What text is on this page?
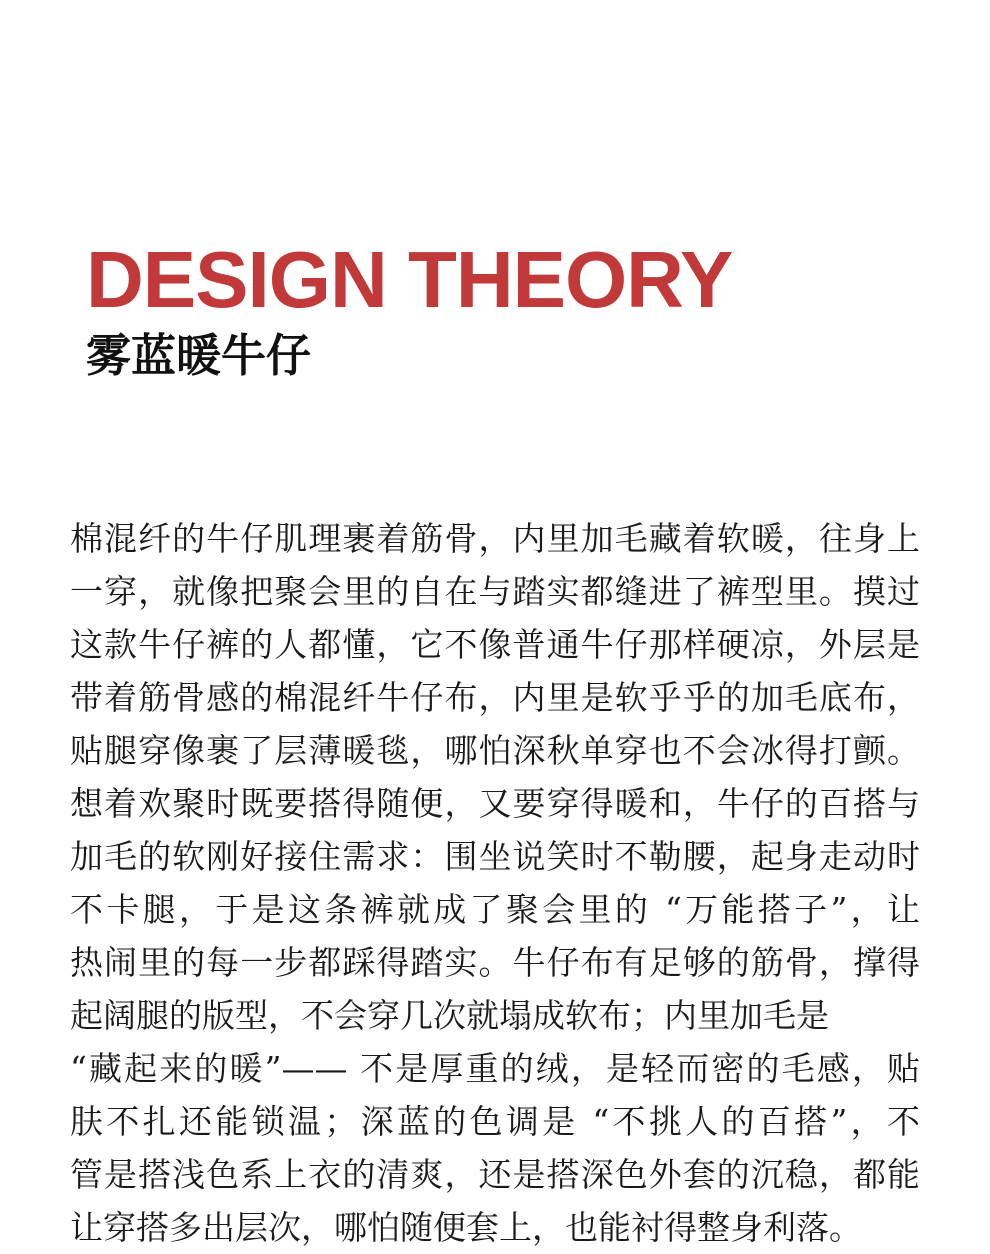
DESIGN THEORY
雾蓝暖牛仔
棉混纤的牛仔肌理裹着筋骨，内里加毛藏着软暖，往身上
一穿，就像把聚会里的自在与踏实都缝进了裤型里。摸过
这款牛仔裤的人都懂，它不像普通牛仔那样硬凉，外层是
带着筋骨感的棉混纤牛仔布，内里是软乎乎的加毛底布，
贴腿穿像裹了层薄暖毯，哪怕深秋单穿也不会冰得打颤。
想着欢聚时既要搭得随便，又要穿得暖和，牛仔的百搭与
加毛的软刚好接住需求：围坐说笑时不勒腰，起身走动时
不卡腿，于是这条裤就成了聚会里的 “万能搭子”，让
热闹里的每一步都踩得踏实。牛仔布有足够的筋骨，撑得
起阔腿的版型，不会穿几次就塌成软布；内里加毛是
“藏起来的暖”—— 不是厚重的绒，是轻而密的毛感，贴
肤不扎还能锁温；深蓝的色调是 “不挑人的百搭”，不
管是搭浅色系上衣的清爽，还是搭深色外套的沉稳，都能
让穿搭多出层次，哪怕随便套上，也能衬得整身利落。
